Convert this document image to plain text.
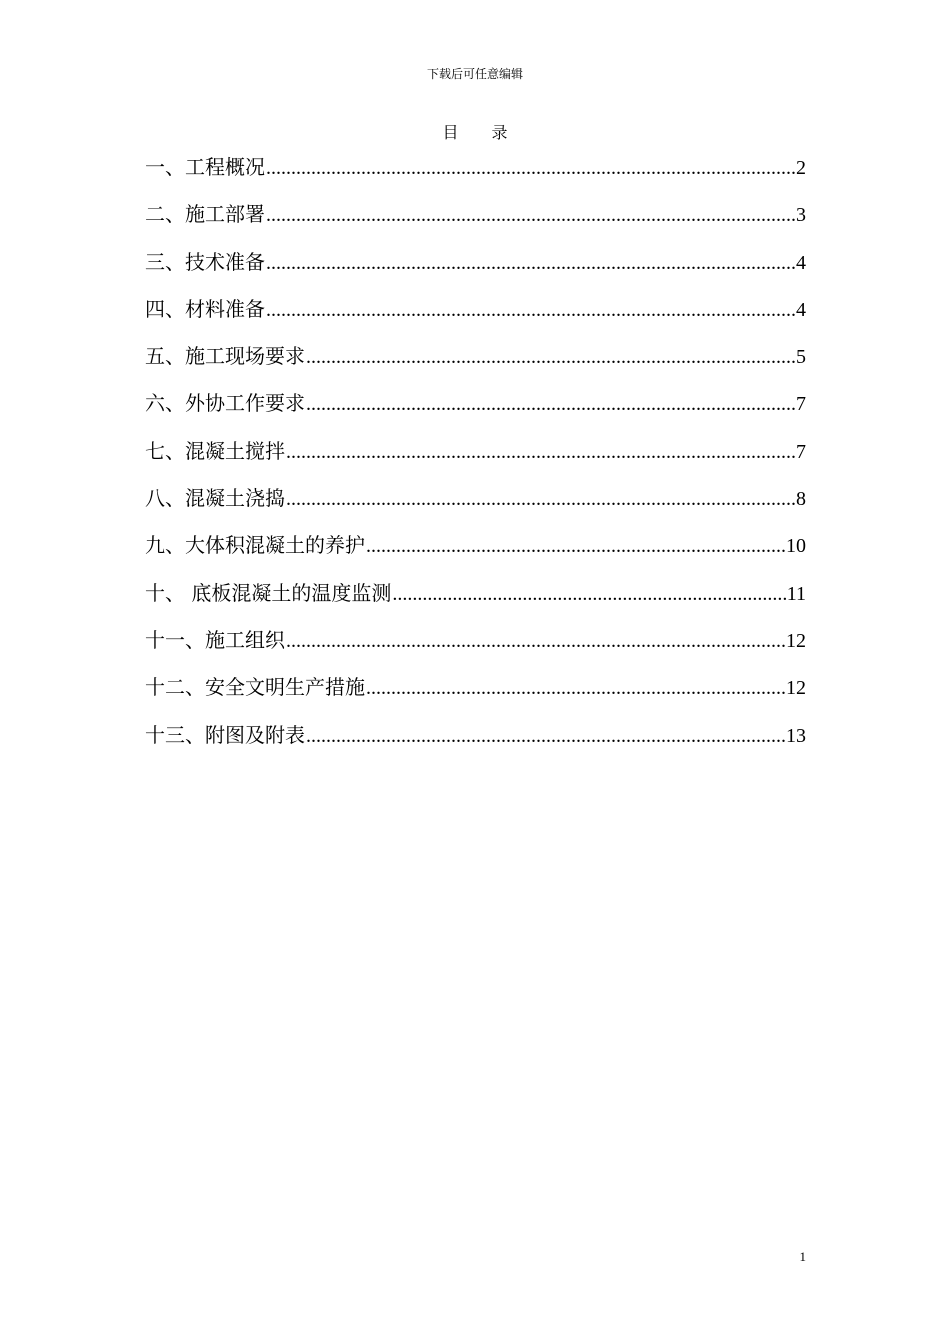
下载后可任意编辑
目 录
一、工程概况 .....	2
二、施工部署 .....	3
三、技术准备 .....	4
四、材料准备 .....	4
五、施工现场要求 .....	5
六、外协工作要求 .....	7
七、混凝土搅拌 .....	7
八、混凝土浇捣 .....	8
九、大体积混凝土的养护 .....	10
十、 底板混凝土的温度监测 .....	11
十一、施工组织 .....	12
十二、安全文明生产措施 .....	12
十三、附图及附表 .....	13
1
